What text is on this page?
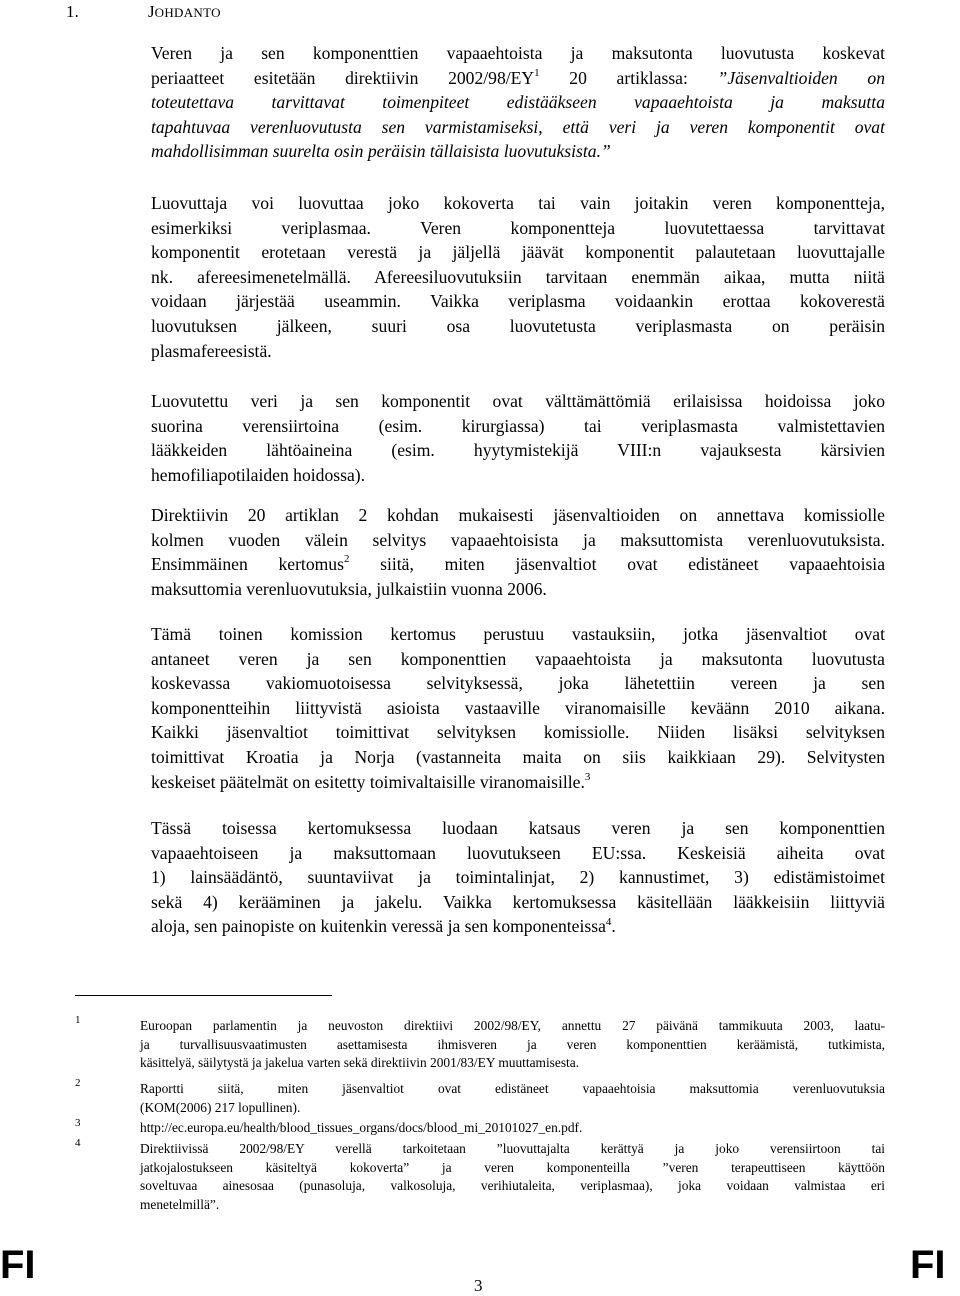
1.	JOHDANTO

Veren ja sen komponenttien vapaaehtoista ja maksutonta luovutusta koskevat
periaatteet esitetään direktiivin $2002/98/EY^1$ 20 artiklassa: ”Jäsenvaltioiden on
toteutettava tarvittavat toimenpiteet edistääkseen vapaaehtoista ja maksutta
tapahtuvaa verenluovutusta sen varmistamiseksi, että veri ja veren komponentit ovat
mahdollisimman suurelta osin peräisin tällaisista luovutuksista.”

Luovuttaja voi luovuttaa joko kokoverta tai vain joitakin veren komponentteja,
esimerkiksi veriplasmaa. Veren komponentteja luovutettaessa tarvittavat
komponentit erotetaan verestä ja jäljellä jäävät komponentit palautetaan luovuttajalle
nk. afereesimenetelmällä. Afereesiluovutuksiin tarvitaan enemmän aikaa, mutta niitä
voidaan järjestää useammin. Vaikka veriplasma voidaankin erottaa kokoverestä
luovutuksen jälkeen, suuri osa luovutetusta veriplasmasta on peräisin
plasmafereesistä.

Luovutettu veri ja sen komponentit ovat välttämättömiä erilaisissa hoidoissa joko
suorina verensiirtoina (esim. kirurgiassa) tai veriplasmasta valmistettavien
lääkkeiden lähtöaineina (esim. hyytymistekijä VIII:n vajauksesta kärsivien
hemofiliapotilaiden hoidossa).

Direktiivin 20 artiklan 2 kohdan mukaisesti jäsenvaltioiden on annettava komissiolle
kolmen vuoden välein selvitys vapaaehtoisista ja maksuttomista verenluovutuksista.
Ensimmäinen kertomus$^2$ siitä, miten jäsenvaltiot ovat edistäneet vapaaehtoisia
maksuttomia verenluovutuksia, julkaistiin vuonna 2006.

Tämä toinen komission kertomus perustuu vastauksiin, jotka jäsenvaltiot ovat
antaneet veren ja sen komponenttien vapaaehtoista ja maksutonta luovutusta
koskevassa vakiomuotoisessa selvityksessä, joka lähetettiin vereen ja sen
komponentteihin liittyvistä asioista vastaaville viranomaisille keväänn 2010 aikana.
Kaikki jäsenvaltiot toimittivat selvityksen komissiolle. Niiden lisäksi selvityksen
toimittivat Kroatia ja Norja (vastanneita maita on siis kaikkiaan 29). Selvitysten
keskeiset päätelmät on esitetty toimivaltaisille viranomaisille.$^3$

Tässä toisessa kertomuksessa luodaan katsaus veren ja sen komponenttien
vapaaehtoiseen ja maksuttomaan luovutukseen EU:ssa. Keskeisiä aiheita ovat
1) lainsäädäntö, suuntaviivat ja toimintalinjat, 2) kannustimet, 3) edistämistoimet
sekä 4) kerääminen ja jakelu. Vaikka kertomuksessa käsitellään lääkkeisiin liittyviä
aloja, sen painopiste on kuitenkin veressä ja sen komponenteissa$^4$.

1	Euroopan parlamentin ja neuvoston direktiivi 2002/98/EY, annettu 27 päivänä tammikuuta 2003, laatu-
ja turvallisuusvaatimusten asettamisesta ihmisveren ja veren komponenttien keräämistä, tutkimista,
käsittelyä, säilytystä ja jakelua varten sekä direktiivin 2001/83/EY muuttamisesta.

2	Raportti siitä, miten jäsenvaltiot ovat edistäneet vapaaehtoisia maksuttomia verenluovutuksia
(KOM(2006) 217 lopullinen).

3	http://ec.europa.eu/health/blood_tissues_organs/docs/blood_mi_20101027_en.pdf.

4	Direktiivissä 2002/98/EY verellä tarkoitetaan ”luovuttajalta kerättyä ja joko verensiirtoon tai
jatkojalostukseen käsiteltyä kokoverta” ja veren komponenteilla ”veren terapeuttiseen käyttöön
soveltuvaa ainesosaa (punasoluja, valkosoluja, verihiutaleita, veriplasmaa), joka voidaan valmistaa eri
menetelmillä”.

FI	3	FI
